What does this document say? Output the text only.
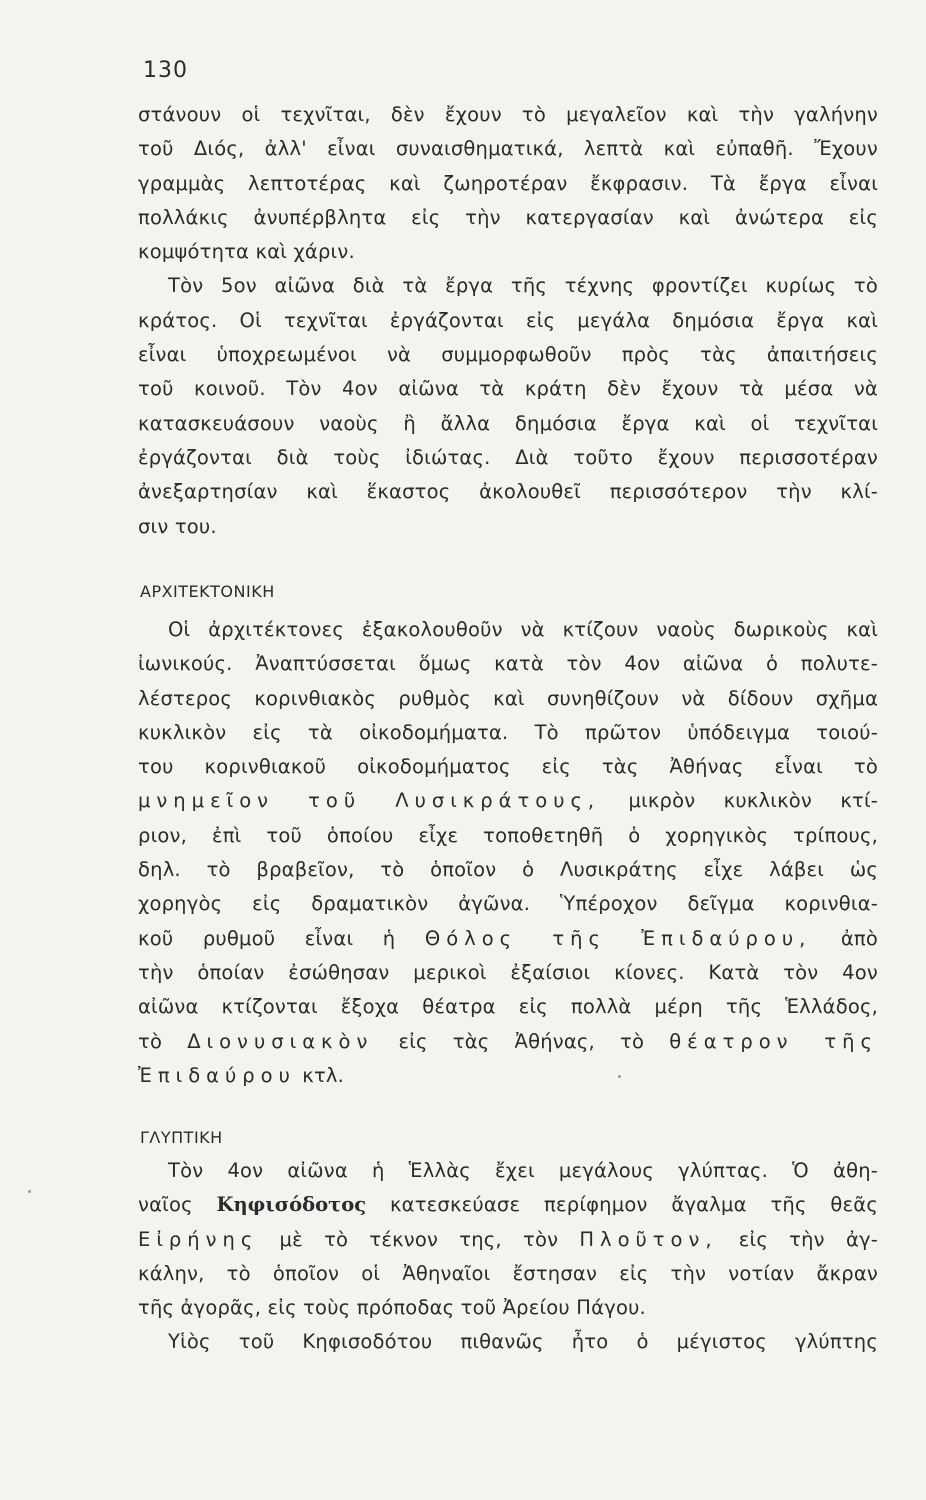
130
στάνουν οἱ τεχνῖται, δὲν ἔχουν τὸ μεγαλεῖον καὶ τὴν γαλήνην
τοῦ Διός, ἀλλ' εἶναι συναισθηματικά, λεπτὰ καὶ εὐπαθῆ. Ἔχουν
γραμμὰς λεπτοτέρας καὶ ζωηροτέραν ἔκφρασιν. Τὰ ἔργα εἶναι
πολλάκις ἀνυπέρβλητα εἰς τὴν κατεργασίαν καὶ ἀνώτερα εἰς
κομψότητα καὶ χάριν.
Τὸν 5ον αἰῶνα διὰ τὰ ἔργα τῆς τέχνης φροντίζει κυρίως τὸ
κράτος. Οἱ τεχνῖται ἐργάζονται εἰς μεγάλα δημόσια ἔργα καὶ
εἶναι ὑποχρεωμένοι νὰ συμμορφωθοῦν πρὸς τὰς ἀπαιτήσεις
τοῦ κοινοῦ. Τὸν 4ον αἰῶνα τὰ κράτη δὲν ἔχουν τὰ μέσα νὰ
κατασκευάσουν ναοὺς ἢ ἄλλα δημόσια ἔργα καὶ οἱ τεχνῖται
ἐργάζονται διὰ τοὺς ἰδιώτας. Διὰ τοῦτο ἔχουν περισσοτέραν
ἀνεξαρτησίαν καὶ ἕκαστος ἀκολουθεῖ περισσότερον τὴν κλί-
σιν του.
ΑΡΧΙΤΕΚΤΟΝΙΚΗ
Οἱ ἀρχιτέκτονες ἐξακολουθοῦν νὰ κτίζουν ναοὺς δωρικοὺς καὶ
ἰωνικούς. Ἀναπτύσσεται ὅμως κατὰ τὸν 4ον αἰῶνα ὁ πολυτε-
λέστερος κορινθιακὸς ρυθμὸς καὶ συνηθίζουν νὰ δίδουν σχῆμα
κυκλικὸν εἰς τὰ οἰκοδομήματα. Τὸ πρῶτον ὑπόδειγμα τοιού-
του κορινθιακοῦ οἰκοδομήματος εἰς τὰς Ἀθήνας εἶναι τὸ
μνημεῖον τοῦ Λυσικράτους, μικρὸν κυκλικὸν κτί-
ριον, ἐπὶ τοῦ ὁποίου εἶχε τοποθετηθῆ ὁ χορηγικὸς τρίπους,
δηλ. τὸ βραβεῖον, τὸ ὁποῖον ὁ Λυσικράτης εἶχε λάβει ὡς
χορηγὸς εἰς δραματικὸν ἀγῶνα. Ὑπέροχον δεῖγμα κορινθια-
κοῦ ρυθμοῦ εἶναι ἡ Θόλος τῆς Ἐπιδαύρου, ἀπὸ
τὴν ὁποίαν ἐσώθησαν μερικοὶ ἐξαίσιοι κίονες. Κατὰ τὸν 4ον
αἰῶνα κτίζονται ἔξοχα θέατρα εἰς πολλὰ μέρη τῆς Ἑλλάδος,
τὸ Διονυσιακὸν εἰς τὰς Ἀθήνας, τὸ θέατρον τῆς
Ἐπιδαύρου κτλ.
ΓΛΥΠΤΙΚΗ
Τὸν 4ον αἰῶνα ἡ Ἑλλὰς ἔχει μεγάλους γλύπτας. Ὁ ἀθη-
ναῖος Κηφισόδοτος κατεσκεύασε περίφημον ἄγαλμα τῆς θεᾶς
Εἰρήνης μὲ τὸ τέκνον της, τὸν Πλοῦτον, εἰς τὴν ἀγ-
κάλην, τὸ ὁποῖον οἱ Ἀθηναῖοι ἔστησαν εἰς τὴν νοτίαν ἄκραν
τῆς ἀγορᾶς, εἰς τοὺς πρόποδας τοῦ Ἀρείου Πάγου.
Υἱὸς τοῦ Κηφισοδότου πιθανῶς ἦτο ὁ μέγιστος γλύπτης
